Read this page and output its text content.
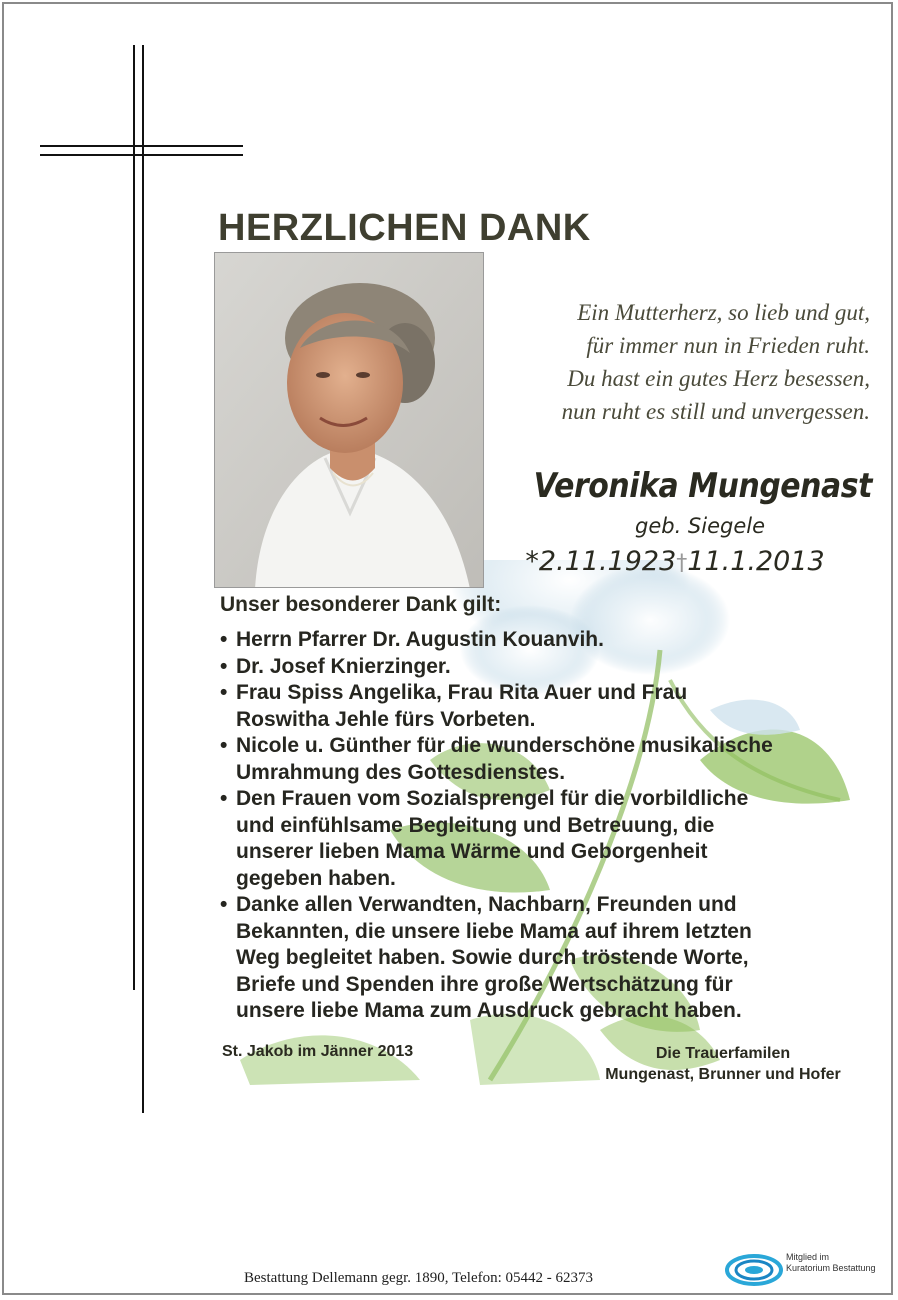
HERZLICHEN DANK
Ein Mutterherz, so lieb und gut,
für immer nun in Frieden ruht.
Du hast ein gutes Herz besessen,
nun ruht es still und unvergessen.
Veronika Mungenast
geb. Siegele
*2.11.1923†11.1.2013
Unser besonderer Dank gilt:
• Herrn Pfarrer Dr. Augustin Kouanvih.
• Dr. Josef Knierzinger.
• Frau Spiss Angelika, Frau Rita Auer und Frau
Roswitha Jehle fürs Vorbeten.
• Nicole u. Günther für die wunderschöne musikalische
Umrahmung des Gottesdienstes.
• Den Frauen vom Sozialsprengel für die vorbildliche
und einfühlsame Begleitung und Betreuung, die
unserer lieben Mama Wärme und Geborgenheit
gegeben haben.
• Danke allen Verwandten, Nachbarn, Freunden und
Bekannten, die unsere liebe Mama auf ihrem letzten
Weg begleitet haben. Sowie durch tröstende Worte,
Briefe und Spenden ihre große Wertschätzung für
unsere liebe Mama zum Ausdruck gebracht haben.
St. Jakob im Jänner 2013	Die Trauerfamilen
Mungenast, Brunner und Hofer
Bestattung Dellemann gegr. 1890, Telefon: 05442 - 62373
Mitglied im
Kuratorium Bestattung
